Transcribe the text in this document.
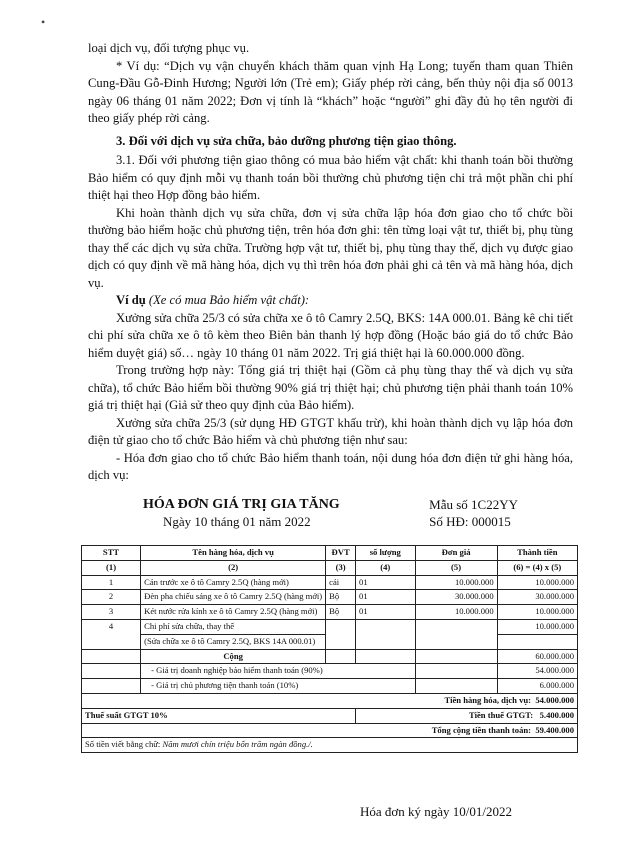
•

loại dịch vụ, đối tượng phục vụ.

* Ví dụ: “Dịch vụ vận chuyển khách thăm quan vịnh Hạ Long; tuyến tham quan Thiên Cung-Đầu Gỗ-Đinh Hương; Người lớn (Trẻ em); Giấy phép rời cảng, bến thủy nội địa số 0013 ngày 06 tháng 01 năm 2022; Đơn vị tính là “khách” hoặc “người” ghi đầy đủ họ tên người đi theo giấy phép rời cảng.

3. Đối với dịch vụ sửa chữa, bảo dưỡng phương tiện giao thông.

3.1. Đối với phương tiện giao thông có mua bảo hiểm vật chất: khi thanh toán bồi thường Bảo hiểm có quy định mỗi vụ thanh toán bồi thường chủ phương tiện chi trả một phần chi phí thiệt hại theo Hợp đồng bảo hiểm.

Khi hoàn thành dịch vụ sửa chữa, đơn vị sửa chữa lập hóa đơn giao cho tổ chức bồi thường bảo hiểm hoặc chủ phương tiện, trên hóa đơn ghi: tên từng loại vật tư, thiết bị, phụ tùng thay thế các dịch vụ sửa chữa. Trường hợp vật tư, thiết bị, phụ tùng thay thế, dịch vụ được giao dịch có quy định về mã hàng hóa, dịch vụ thì trên hóa đơn phải ghi cả tên và mã hàng hóa, dịch vụ.

Ví dụ (Xe có mua Bảo hiểm vật chất):

Xưởng sửa chữa 25/3 có sửa chữa xe ô tô Camry 2.5Q, BKS: 14A 000.01. Bảng kê chi tiết chi phí sửa chữa xe ô tô kèm theo Biên bản thanh lý hợp đồng (Hoặc báo giá do tổ chức Bảo hiểm duyệt giá) số… ngày 10 tháng 01 năm 2022. Trị giá thiệt hại là 60.000.000 đồng.

Trong trường hợp này: Tổng giá trị thiệt hại (Gồm cả phụ tùng thay thế và dịch vụ sửa chữa), tổ chức Bảo hiểm bồi thường 90% giá trị thiệt hại; chủ phương tiện phải thanh toán 10% giá trị thiệt hại (Giả sử theo quy định của Bảo hiểm).

Xưởng sửa chữa 25/3 (sử dụng HĐ GTGT khấu trừ), khi hoàn thành dịch vụ lập hóa đơn điện tử giao cho tổ chức Bảo hiểm và chủ phương tiện như sau:

- Hóa đơn giao cho tổ chức Bảo hiểm thanh toán, nội dung hóa đơn điện tử ghi hàng hóa, dịch vụ:

HÓA ĐƠN GIÁ TRỊ GIA TĂNG
Ngày 10 tháng 01 năm 2022
Mẫu số 1C22YY
Số HĐ: 000015
STT	Tên hàng hóa, dịch vụ	ĐVT	số lượng	Đơn giá	Thành tiền
(1)	(2)	(3)	(4)	(5)	(6) = (4) x (5)
1	Cản trước xe ô tô Camry 2.5Q (hàng mới)	cái	01	10.000.000	10.000.000
2	Đèn pha chiếu sáng xe ô tô Camry 2.5Q (hàng mới)	Bộ	01	30.000.000	30.000.000
3	Két nước rửa kính xe ô tô Camry 2.5Q (hàng mới)	Bộ	01	10.000.000	10.000.000
4	Chi phí sửa chữa, thay thế				10.000.000
	(Sửa chữa xe ô tô Camry 2.5Q, BKS 14A 000.01)				
	Cộng				60.000.000
	- Giá trị doanh nghiệp bảo hiểm thanh toán (90%)				54.000.000
	- Giá trị chủ phương tiện thanh toán (10%)				6.000.000
Tiền hàng hóa, dịch vụ: 54.000.000					
Thuế suất GTGT 10%			Tiền thuế GTGT: 5.400.000		
Tổng cộng tiền thanh toán: 59.400.000					
Số tiền viết bằng chữ: Năm mươi chín triệu bốn trăm ngàn đồng./.					
Hóa đơn ký ngày 10/01/2022
